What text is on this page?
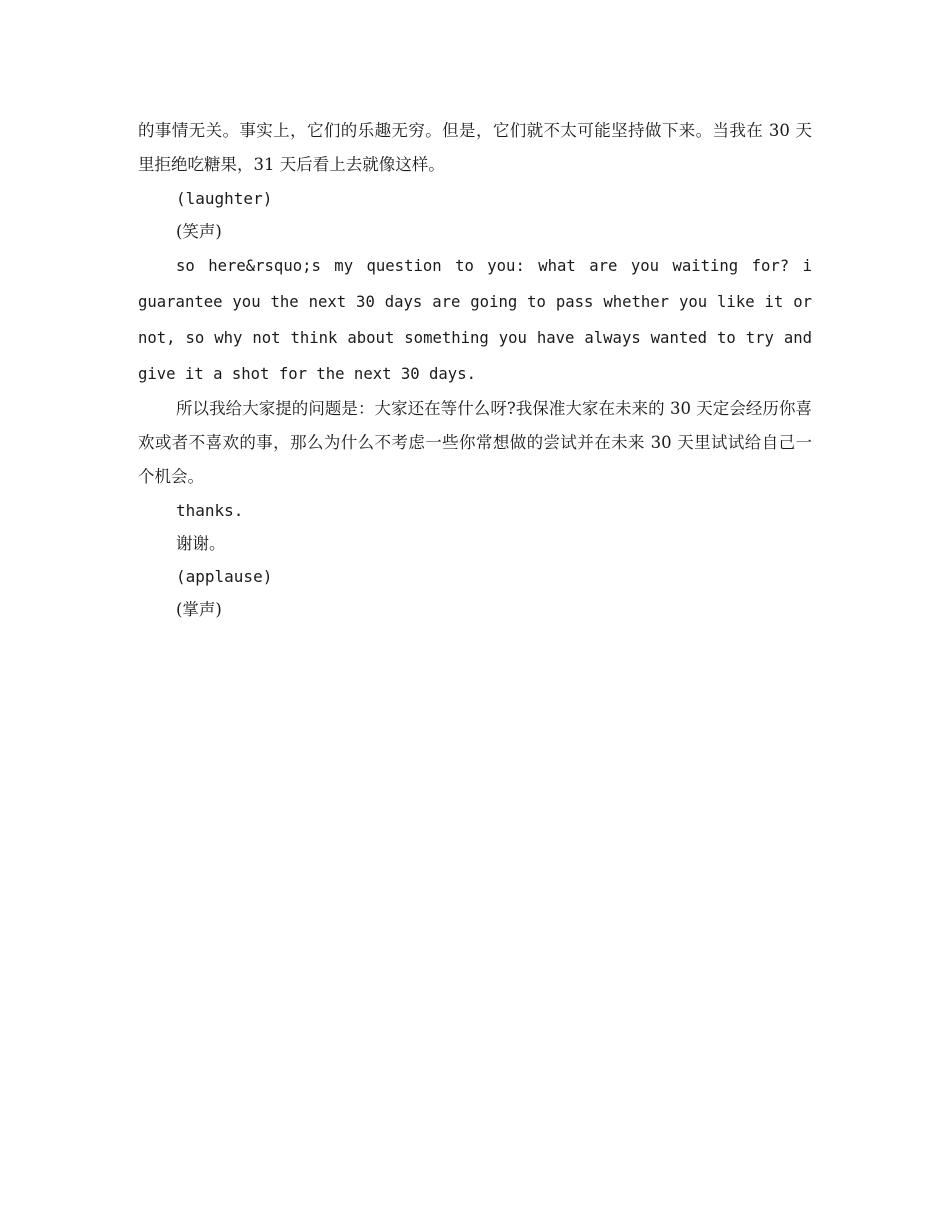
的事情无关。事实上，它们的乐趣无穷。但是，它们就不太可能坚持做下来。当我在 30 天里拒绝吃糖果，31 天后看上去就像这样。

(laughter)

(笑声)

so here&rsquo;s my question to you: what are you waiting for? i guarantee you the next 30 days are going to pass whether you like it or not, so why not think about something you have always wanted to try and give it a shot for the next 30 days.

所以我给大家提的问题是：大家还在等什么呀?我保准大家在未来的 30 天定会经历你喜欢或者不喜欢的事，那么为什么不考虑一些你常想做的尝试并在未来 30 天里试试给自己一个机会。

thanks.

谢谢。

(applause)

(掌声)
